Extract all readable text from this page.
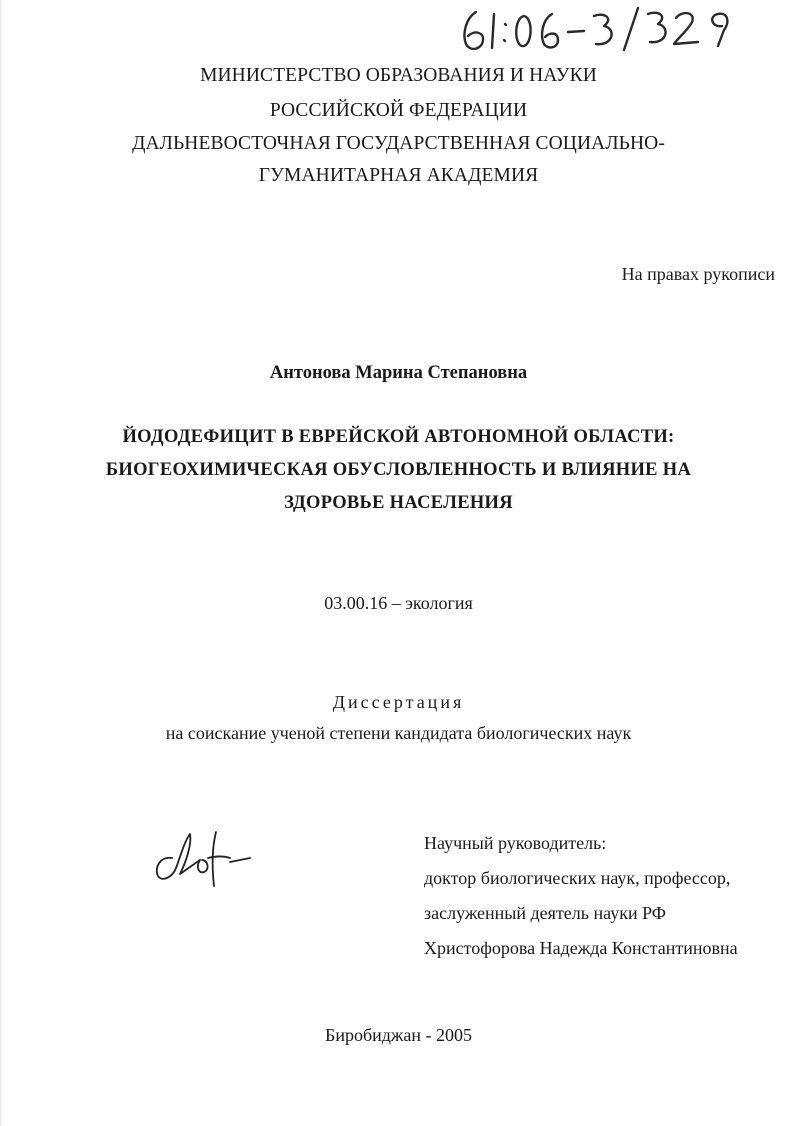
МИНИСТЕРСТВО ОБРАЗОВАНИЯ И НАУКИ
РОССИЙСКОЙ ФЕДЕРАЦИИ
ДАЛЬНЕВОСТОЧНАЯ ГОСУДАРСТВЕННАЯ СОЦИАЛЬНО-
ГУМАНИТАРНАЯ АКАДЕМИЯ
На правах рукописи
Антонова Марина Степановна
ЙОДОДЕФИЦИТ В ЕВРЕЙСКОЙ АВТОНОМНОЙ ОБЛАСТИ:
БИОГЕОХИМИЧЕСКАЯ ОБУСЛОВЛЕННОСТЬ И ВЛИЯНИЕ НА
ЗДОРОВЬЕ НАСЕЛЕНИЯ
03.00.16 – экология
Диссертация
на соискание ученой степени кандидата биологических наук
Научный руководитель:
доктор биологических наук, профессор,
заслуженный деятель науки РФ
Христофорова Надежда Константиновна
Биробиджан - 2005
